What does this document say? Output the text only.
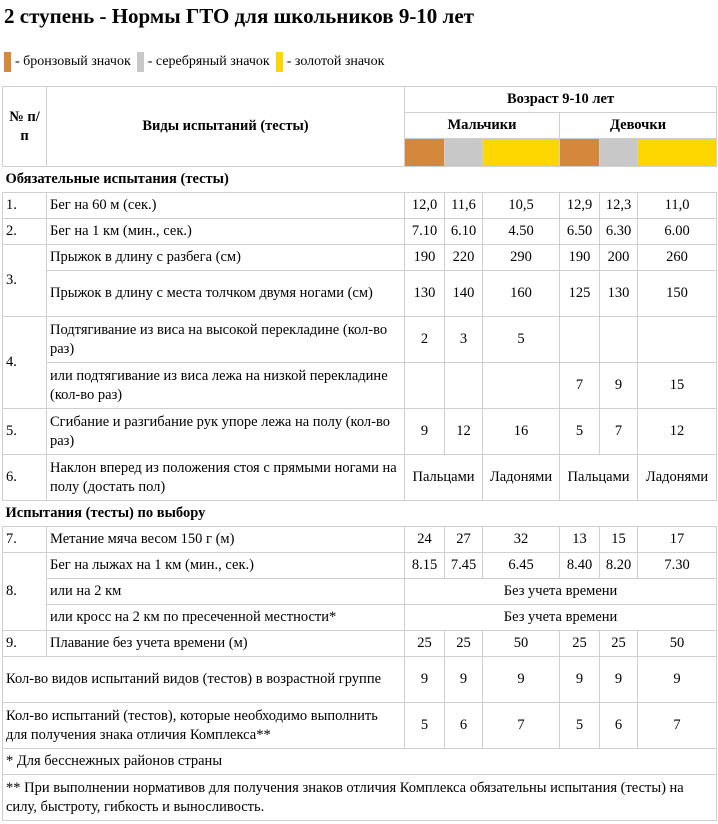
2 ступень - Нормы ГТО для школьников 9-10 лет
- бронзовый значок - серебряный значок - золотой значок
№ п/п	Виды испытаний (тесты)	Возраст 9-10 лет					
		Мальчики			Девочки		

Обязательные испытания (тесты)							
1.	Бег на 60 м (сек.)	12,0	11,6	10,5	12,9	12,3	11,0
2.	Бег на 1 км (мин., сек.)	7.10	6.10	4.50	6.50	6.30	6.00
3.	Прыжок в длину с разбега (см)	190	220	290	190	200	260
	Прыжок в длину с места толчком двумя ногами (см)	130	140	160	125	130	150
4.	Подтягивание из виса на высокой перекладине (кол-во раз)	2	3	5			
	или подтягивание из виса лежа на низкой перекладине (кол-во раз)				7	9	15
5.	Сгибание и разгибание рук упоре лежа на полу (кол-во раз)	9	12	16	5	7	12
6.	Наклон вперед из положения стоя с прямыми ногами на полу (достать пол)	Пальцами		Ладонями	Пальцами		Ладонями
Испытания (тесты) по выбору							
7.	Метание мяча весом 150 г (м)	24	27	32	13	15	17
8.	Бег на лыжах на 1 км (мин., сек.)	8.15	7.45	6.45	8.40	8.20	7.30
	или на 2 км	Без учета времени					
	или кросс на 2 км по пресеченной местности*	Без учета времени					
9.	Плавание без учета времени (м)	25	25	50	25	25	50
Кол-во видов испытаний видов (тестов) в возрастной группе		9	9	9	9	9	9
Кол-во испытаний (тестов), которые необходимо выполнить для получения знака отличия Комплекса**		5	6	7	5	6	7
* Для бесснежных районов страны							
** При выполнении нормативов для получения знаков отличия Комплекса обязательны испытания (тесты) на силу, быстроту, гибкость и выносливость.							
